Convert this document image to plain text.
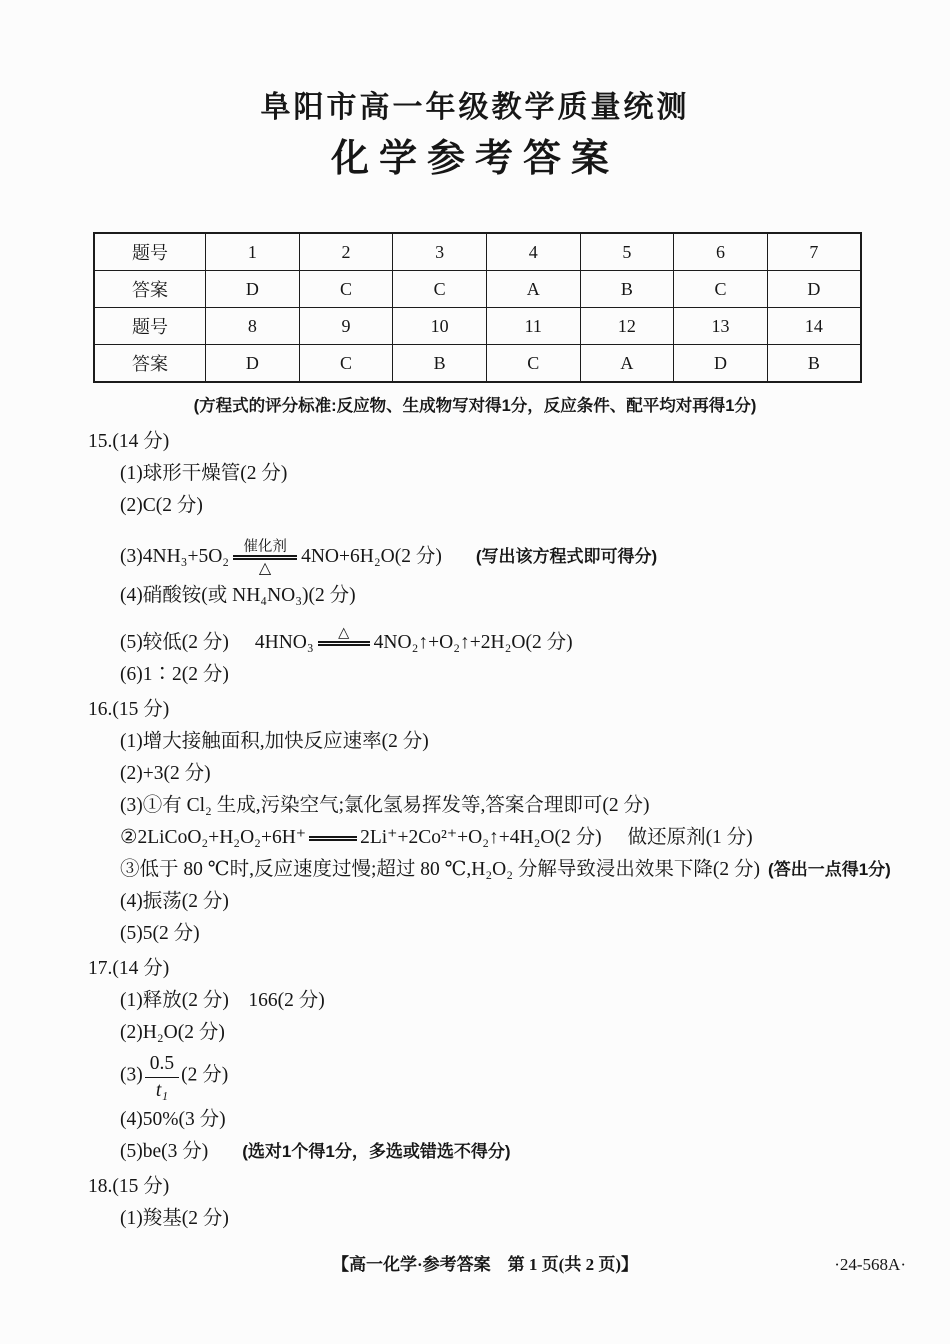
阜阳市高一年级教学质量统测
化学参考答案
题号	1	2	3	4	5	6	7
答案	D	C	C	A	B	C	D
题号	8	9	10	11	12	13	14
答案	D	C	B	C	A	D	B
(方程式的评分标准:反应物、生成物写对得1分，反应条件、配平均对再得1分)
15.(14 分)
(1)球形干燥管(2 分)
(2)C(2 分)
(3)4NH₃+5O₂ 催化剂
△
4NO+6H₂O(2 分) (写出该方程式即可得分)
(4)硝酸铵(或 NH₄NO₃)(2 分)
(5)较低(2 分) 4HNO₃ △ 4NO₂↑+O₂↑+2H₂O(2 分)
(6)1∶2(2 分)
16.(15 分)
(1)增大接触面积,加快反应速率(2 分)
(2)+3(2 分)
(3)①有 Cl₂ 生成,污染空气;氯化氢易挥发等,答案合理即可(2 分)
②2LiCoO₂+H₂O₂+6H⁺	2Li⁺+2Co²⁺+O₂↑+4H₂O(2 分) 做还原剂(1 分)
③低于 80 ℃时,反应速度过慢;超过 80 ℃,H₂O₂ 分解导致浸出效果下降(2 分) (答出一点得1分)
(4)振荡(2 分)
(5)5(2 分)
17.(14 分)
(1)释放(2 分)　166(2 分)
(2)H₂O(2 分)
$(3) \frac{0.5}{\text{t₁}} (2$ 分)
(4)50%(3 分)
(5)be(3 分) (选对1个得1分，多选或错选不得分)
18.(15 分)
(1)羧基(2 分)
【高一化学·参考答案　第 1 页(共 2 页)】	·24-568A·
